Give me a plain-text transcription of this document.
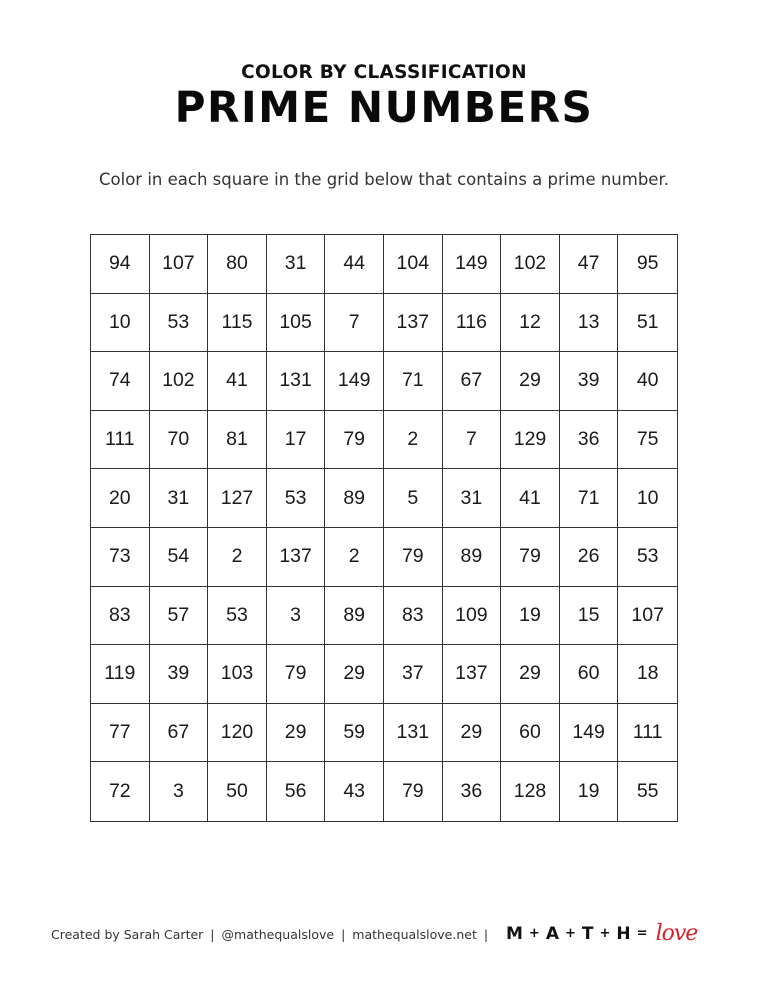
COLOR BY CLASSIFICATION
PRIME NUMBERS
Color in each square in the grid below that contains a prime number.
94	107	80	31	44	104	149	102	47	95
10	53	115	105	7	137	116	12	13	51
74	102	41	131	149	71	67	29	39	40
111	70	81	17	79	2	7	129	36	75
20	31	127	53	89	5	31	41	71	10
73	54	2	137	2	79	89	79	26	53
83	57	53	3	89	83	109	19	15	107
119	39	103	79	29	37	137	29	60	18
77	67	120	29	59	131	29	60	149	111
72	3	50	56	43	79	36	128	19	55
Created by Sarah Carter | @mathequalslove | mathequalslove.net | M + A + T + H = love
